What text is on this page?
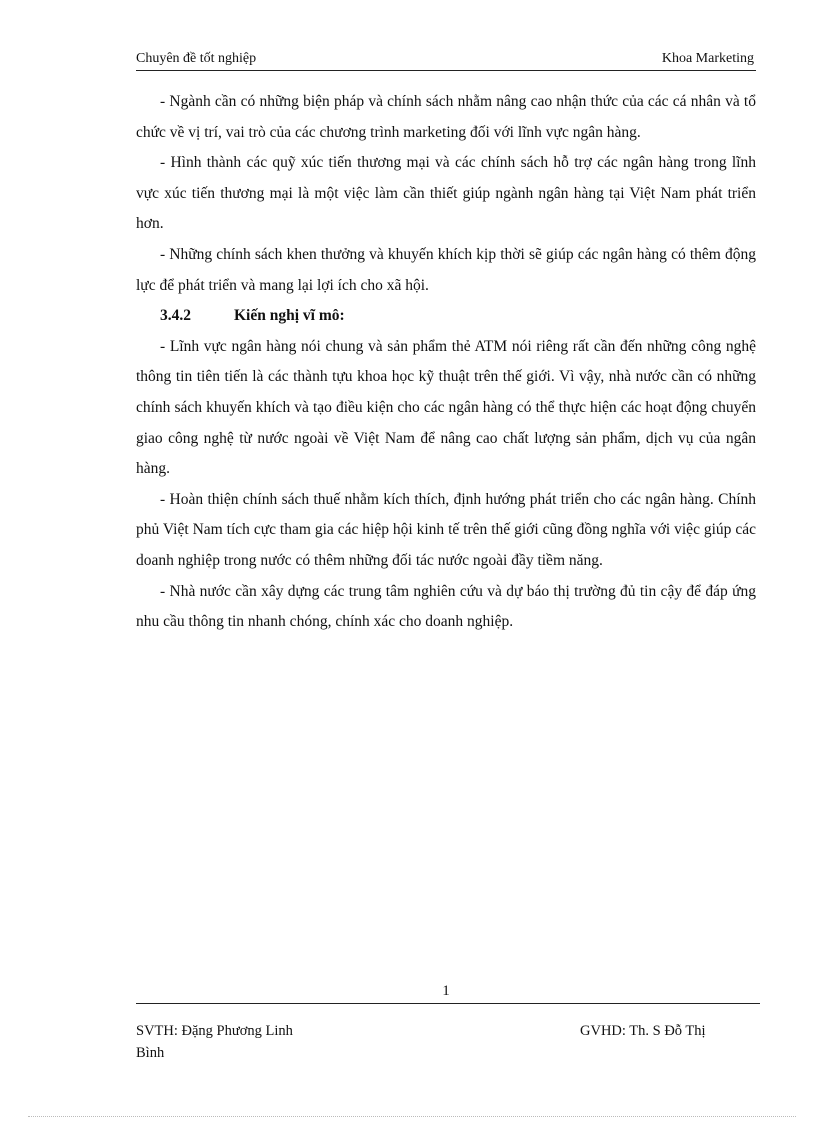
Chuyên đề tốt nghiệp	Khoa Marketing

- Ngành cần có những biện pháp và chính sách nhằm nâng cao nhận thức của các cá nhân và tổ chức về vị trí, vai trò của các chương trình marketing đối với lĩnh vực ngân hàng.

- Hình thành các quỹ xúc tiến thương mại và các chính sách hỗ trợ các ngân hàng trong lĩnh vực xúc tiến thương mại là một việc làm cần thiết giúp ngành ngân hàng tại Việt Nam phát triển hơn.

- Những chính sách khen thưởng và khuyến khích kịp thời sẽ giúp các ngân hàng có thêm động lực để phát triển và mang lại lợi ích cho xã hội.

3.4.2	Kiến nghị vĩ mô:

- Lĩnh vực ngân hàng nói chung và sản phẩm thẻ ATM nói riêng rất cần đến những công nghệ thông tin tiên tiến là các thành tựu khoa học kỹ thuật trên thế giới. Vì vậy, nhà nước cần có những chính sách khuyến khích và tạo điều kiện cho các ngân hàng có thể thực hiện các hoạt động chuyển giao công nghệ từ nước ngoài về Việt Nam để nâng cao chất lượng sản phẩm, dịch vụ của ngân hàng.

- Hoàn thiện chính sách thuế nhằm kích thích, định hướng phát triển cho các ngân hàng. Chính phủ Việt Nam tích cực tham gia các hiệp hội kinh tế trên thế giới cũng đồng nghĩa với việc giúp các doanh nghiệp trong nước có thêm những đối tác nước ngoài đầy tiềm năng.

- Nhà nước cần xây dựng các trung tâm nghiên cứu và dự báo thị trường đủ tin cậy để đáp ứng nhu cầu thông tin nhanh chóng, chính xác cho doanh nghiệp.

1
SVTH: Đặng Phương Linh	GVHD: Th. S Đỗ Thị
Bình
